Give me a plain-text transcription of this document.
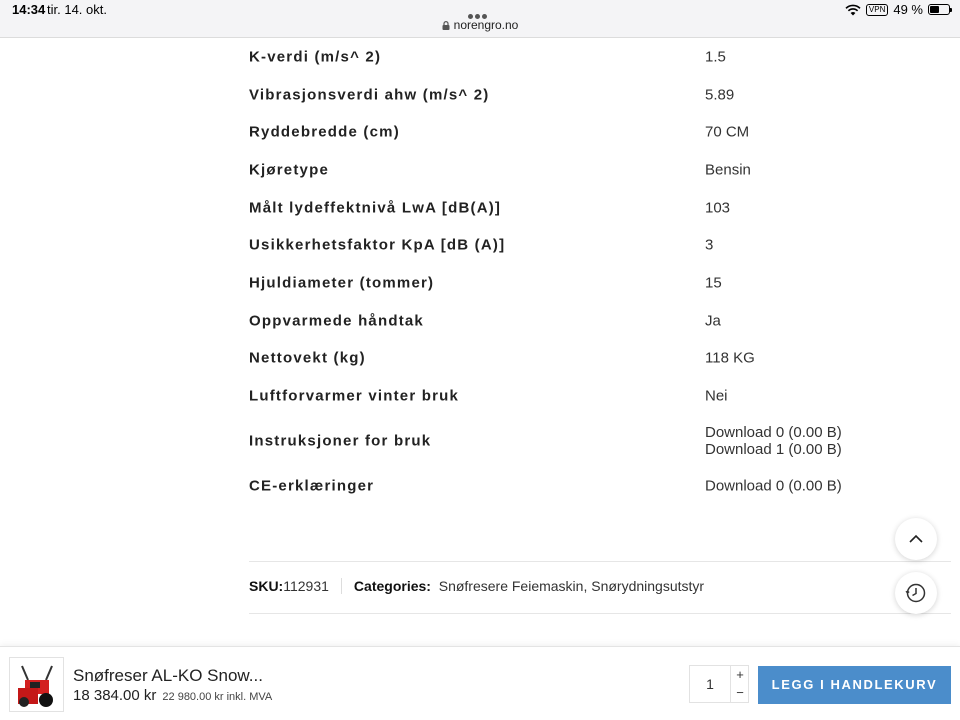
14:34 tir. 14. okt.
norengro.no
VPN 49 %
K-verdi (m/s^ 2)	1.5
Vibrasjonsverdi ahw (m/s^ 2)	5.89
Ryddebredde (cm)	70 CM
Kjøretype	Bensin
Målt lydeffektnivå LwA [dB(A)]	103
Usikkerhetsfaktor KpA [dB (A)]	3
Hjuldiameter (tommer)	15
Oppvarmede håndtak	Ja
Nettovekt (kg)	118 KG
Luftforvarmer vinter bruk	Nei
Instruksjoner for bruk	Download 0 (0.00 B)
Download 1 (0.00 B)
CE-erklæringer	Download 0 (0.00 B)
SKU: 112931 Categories:
Snøfresere Feiemaskin ,
Snørydningsutstyr
Snøfreser AL-KO Snow...
18 384.00 kr 22 980.00 kr inkl. MVA
1
+
−
LEGG I HANDLEKURV
